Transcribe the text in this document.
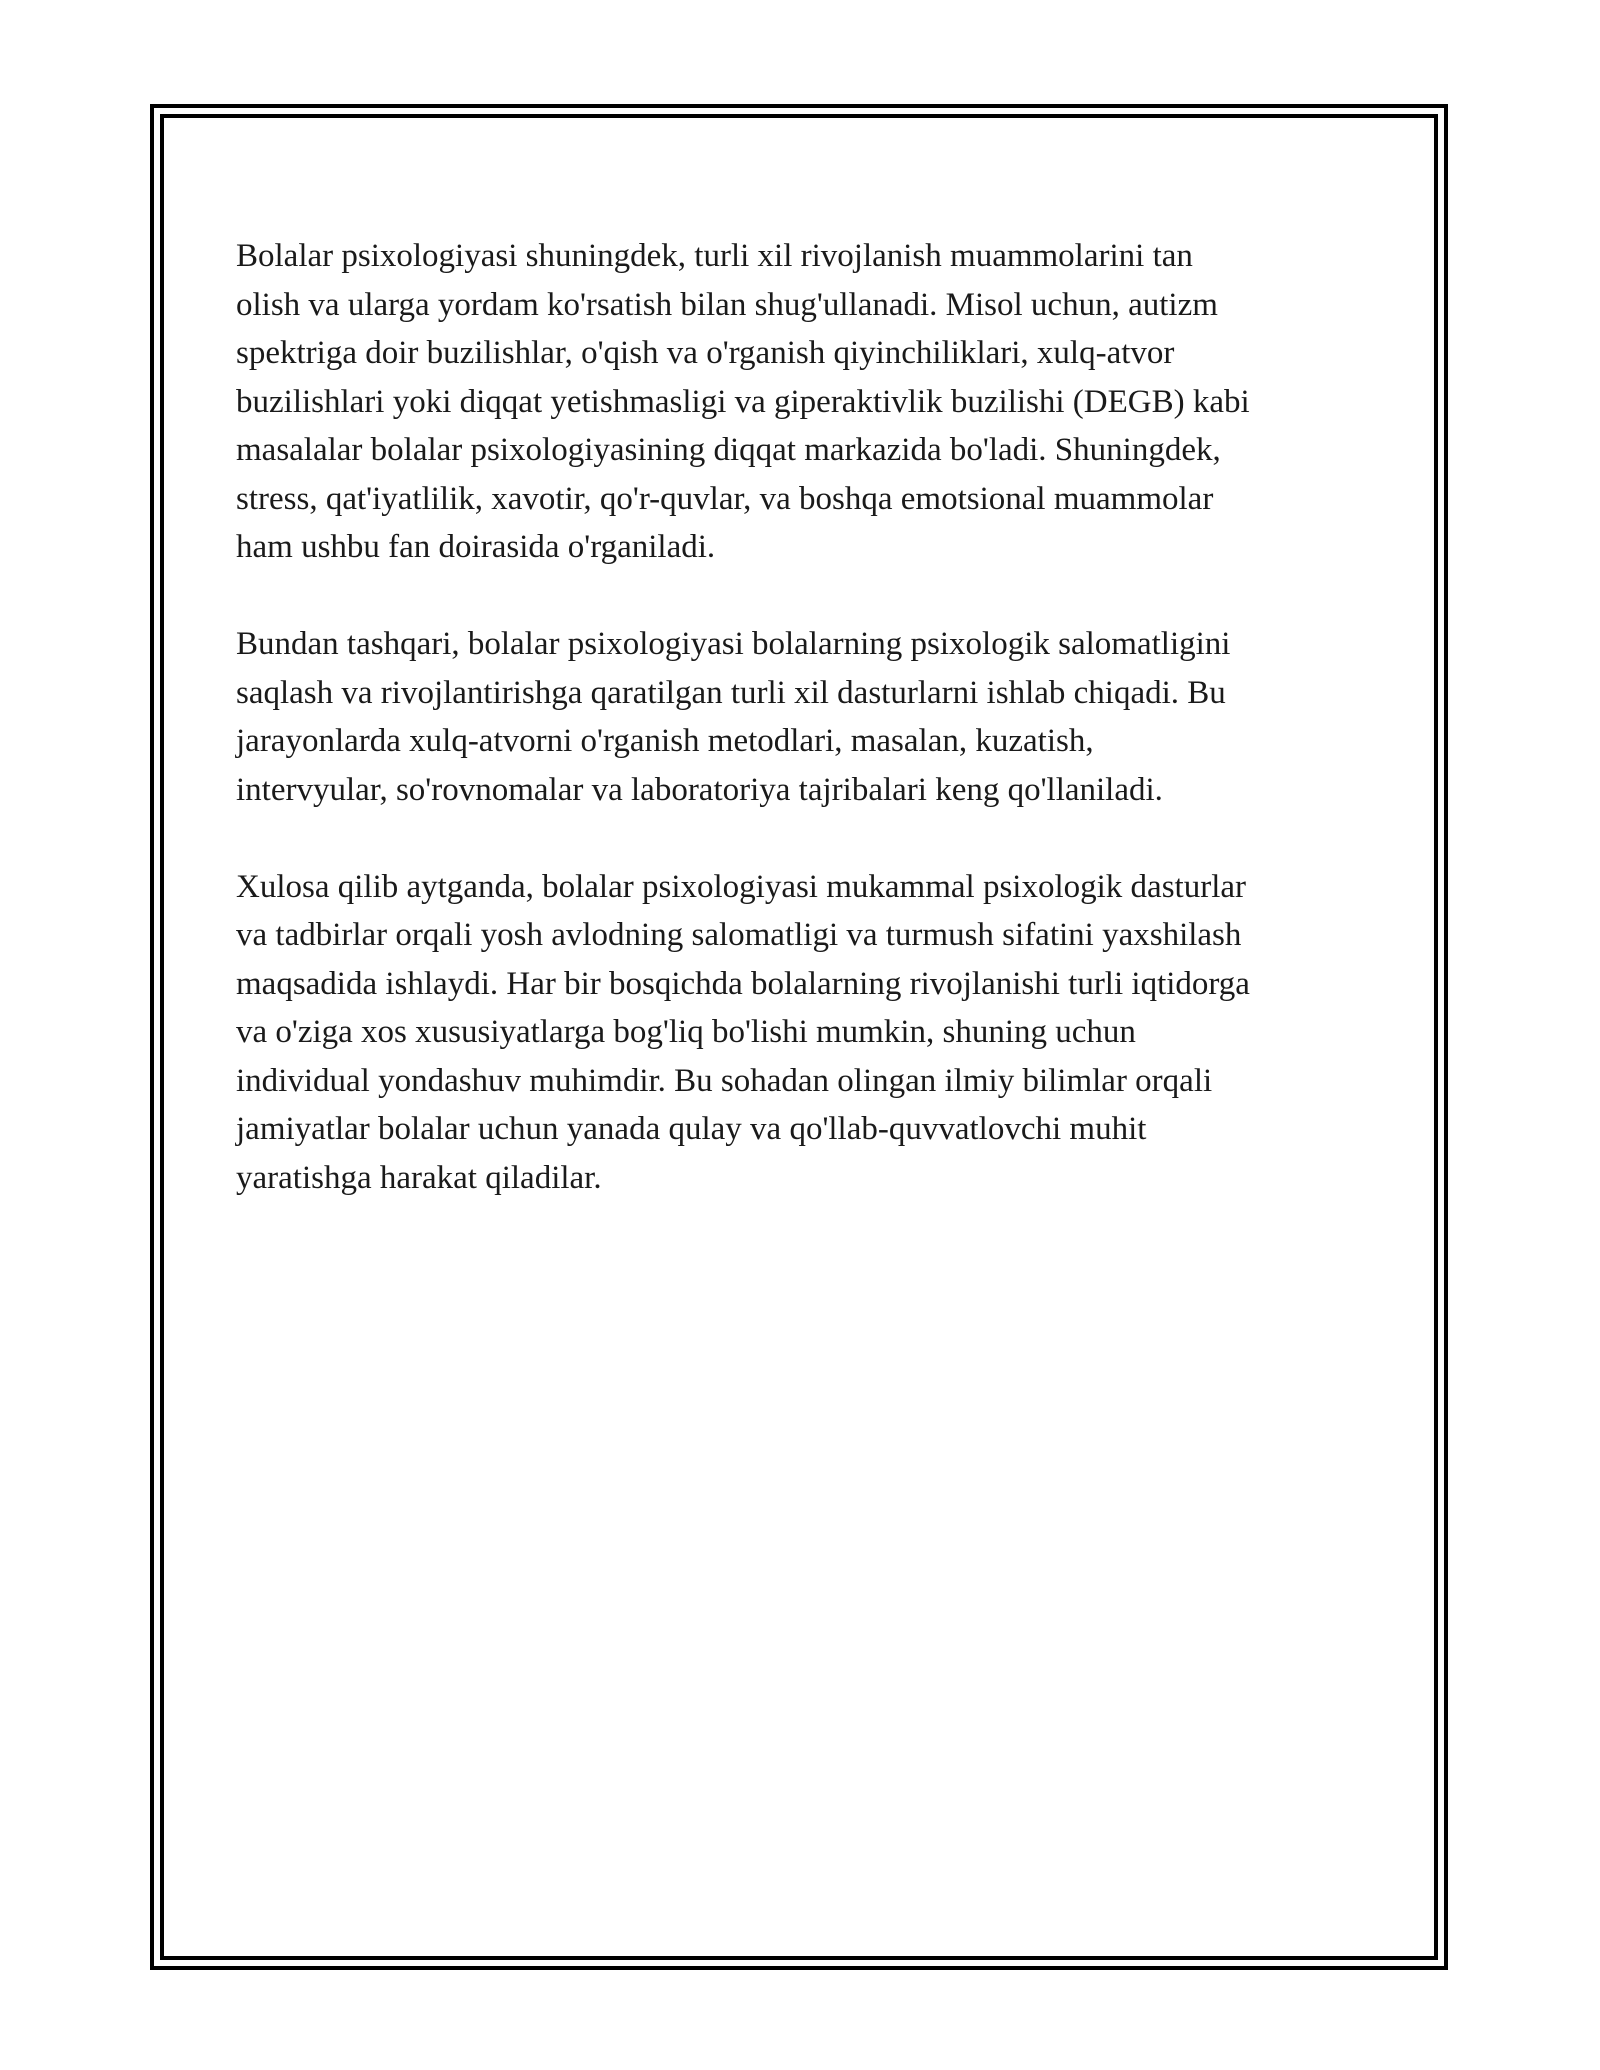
Bolalar psixologiyasi shuningdek, turli xil rivojlanish muammolarini tan
olish va ularga yordam ko'rsatish bilan shug'ullanadi. Misol uchun, autizm
spektriga doir buzilishlar, o'qish va o'rganish qiyinchiliklari, xulq-atvor
buzilishlari yoki diqqat yetishmasligi va giperaktivlik buzilishi (DEGB) kabi
masalalar bolalar psixologiyasining diqqat markazida bo'ladi. Shuningdek,
stress, qat'iyatlilik, xavotir, qo'r-quvlar, va boshqa emotsional muammolar
ham ushbu fan doirasida o'rganiladi.

Bundan tashqari, bolalar psixologiyasi bolalarning psixologik salomatligini
saqlash va rivojlantirishga qaratilgan turli xil dasturlarni ishlab chiqadi. Bu
jarayonlarda xulq-atvorni o'rganish metodlari, masalan, kuzatish,
intervyular, so'rovnomalar va laboratoriya tajribalari keng qo'llaniladi.

Xulosa qilib aytganda, bolalar psixologiyasi mukammal psixologik dasturlar
va tadbirlar orqali yosh avlodning salomatligi va turmush sifatini yaxshilash
maqsadida ishlaydi. Har bir bosqichda bolalarning rivojlanishi turli iqtidorga
va o'ziga xos xususiyatlarga bog'liq bo'lishi mumkin, shuning uchun
individual yondashuv muhimdir. Bu sohadan olingan ilmiy bilimlar orqali
jamiyatlar bolalar uchun yanada qulay va qo'llab-quvvatlovchi muhit
yaratishga harakat qiladilar.
